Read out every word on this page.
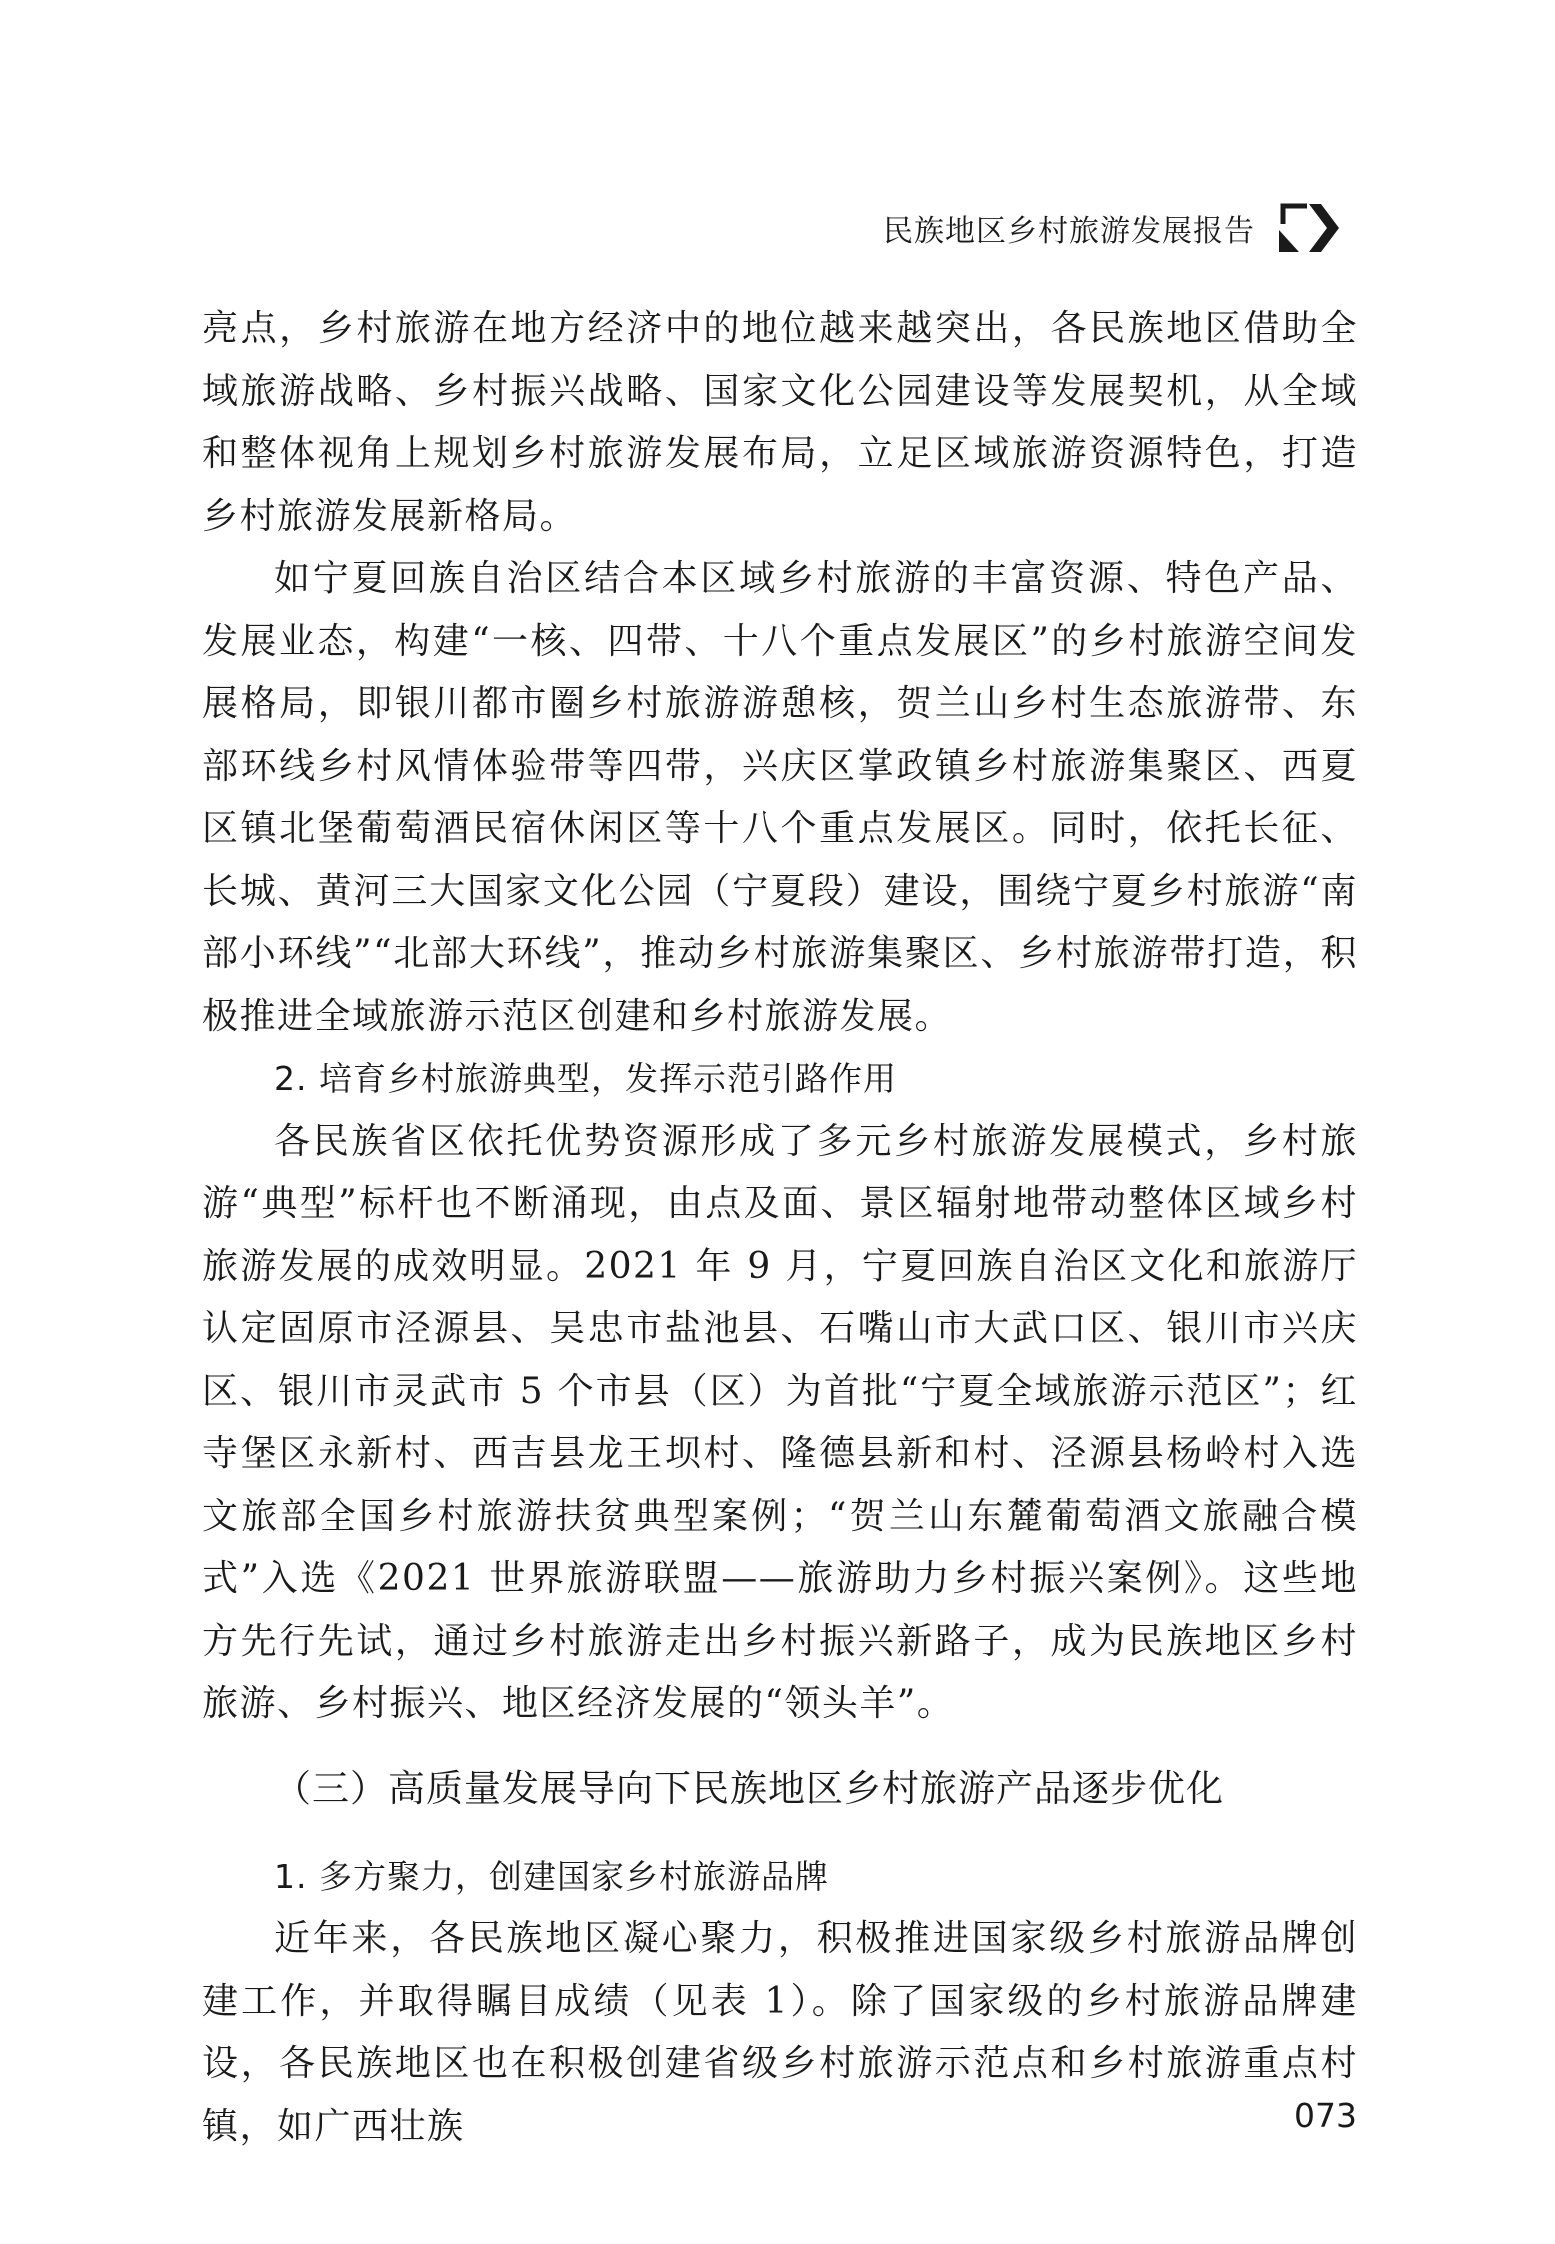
民族地区乡村旅游发展报告

亮点，乡村旅游在地方经济中的地位越来越突出，各民族地区借助全域旅游战略、乡村振兴战略、国家文化公园建设等发展契机，从全域和整体视角上规划乡村旅游发展布局，立足区域旅游资源特色，打造乡村旅游发展新格局。

如宁夏回族自治区结合本区域乡村旅游的丰富资源、特色产品、发展业态，构建“一核、四带、十八个重点发展区”的乡村旅游空间发展格局，即银川都市圈乡村旅游游憩核，贺兰山乡村生态旅游带、东部环线乡村风情体验带等四带，兴庆区掌政镇乡村旅游集聚区、西夏区镇北堡葡萄酒民宿休闲区等十八个重点发展区。同时，依托长征、长城、黄河三大国家文化公园（宁夏段）建设，围绕宁夏乡村旅游“南部小环线”“北部大环线”，推动乡村旅游集聚区、乡村旅游带打造，积极推进全域旅游示范区创建和乡村旅游发展。

2. 培育乡村旅游典型，发挥示范引路作用

各民族省区依托优势资源形成了多元乡村旅游发展模式，乡村旅游“典型”标杆也不断涌现，由点及面、景区辐射地带动整体区域乡村旅游发展的成效明显。2021 年 9 月，宁夏回族自治区文化和旅游厅认定固原市泾源县、吴忠市盐池县、石嘴山市大武口区、银川市兴庆区、银川市灵武市 5 个市县（区）为首批“宁夏全域旅游示范区”；红寺堡区永新村、西吉县龙王坝村、隆德县新和村、泾源县杨岭村入选文旅部全国乡村旅游扶贫典型案例；“贺兰山东麓葡萄酒文旅融合模式”入选《2021 世界旅游联盟——旅游助力乡村振兴案例》。这些地方先行先试，通过乡村旅游走出乡村振兴新路子，成为民族地区乡村旅游、乡村振兴、地区经济发展的“领头羊”。

（三）高质量发展导向下民族地区乡村旅游产品逐步优化

1. 多方聚力，创建国家乡村旅游品牌

近年来，各民族地区凝心聚力，积极推进国家级乡村旅游品牌创建工作，并取得瞩目成绩（见表 1）。除了国家级的乡村旅游品牌建设，各民族地区也在积极创建省级乡村旅游示范点和乡村旅游重点村镇，如广西壮族	073
